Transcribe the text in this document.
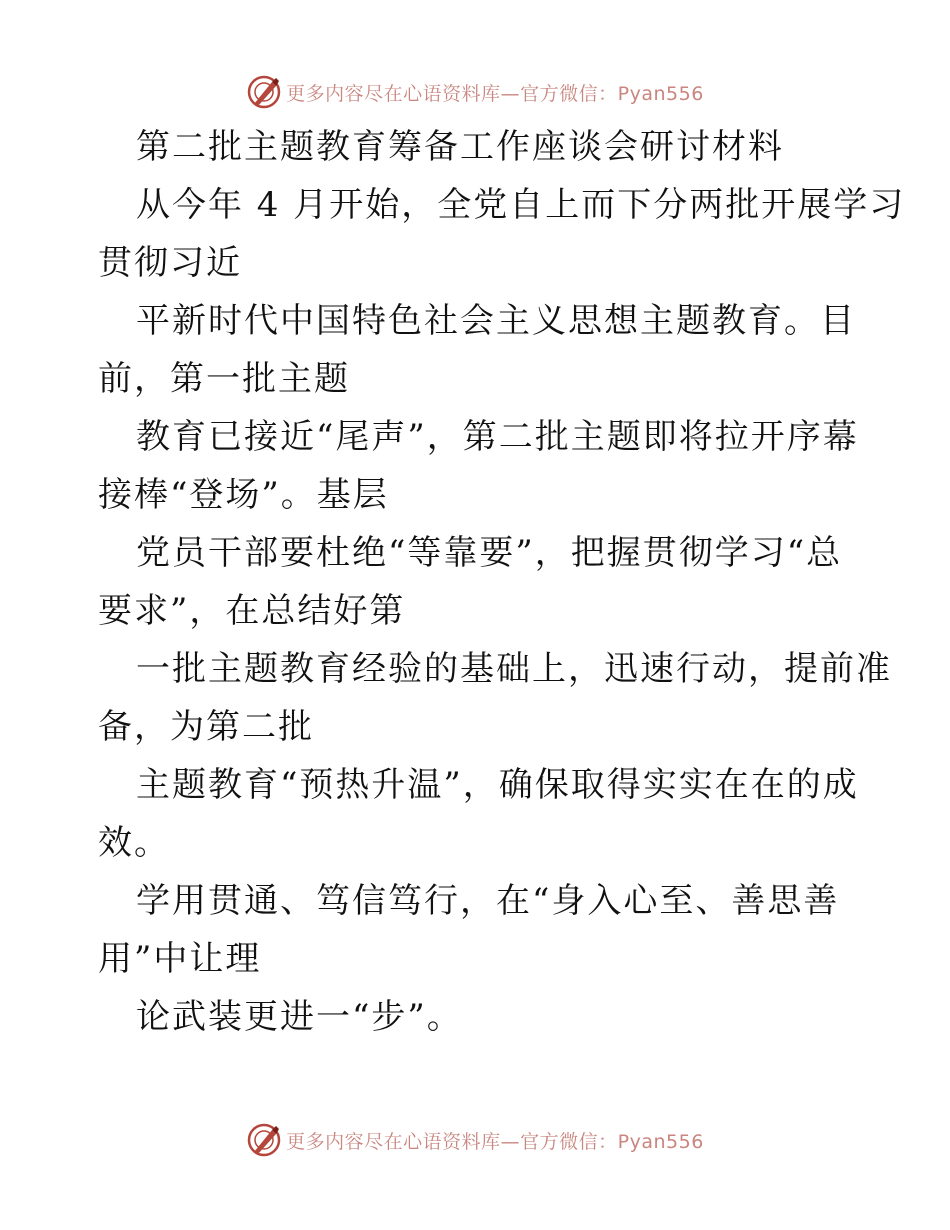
更多内容尽在心语资料库—官方微信：Pyan556
第二批主题教育筹备工作座谈会研讨材料
从今年 4 月开始，全党自上而下分两批开展学习
贯彻习近
平新时代中国特色社会主义思想主题教育。目
前，第一批主题
教育已接近“尾声”，第二批主题即将拉开序幕
接棒“登场”。基层
党员干部要杜绝“等靠要”，把握贯彻学习“总
要求”，在总结好第
一批主题教育经验的基础上，迅速行动，提前准
备，为第二批
主题教育“预热升温”，确保取得实实在在的成
效。
学用贯通、笃信笃行，在“身入心至、善思善
用”中让理
论武装更进一“步”。
更多内容尽在心语资料库—官方微信：Pyan556
